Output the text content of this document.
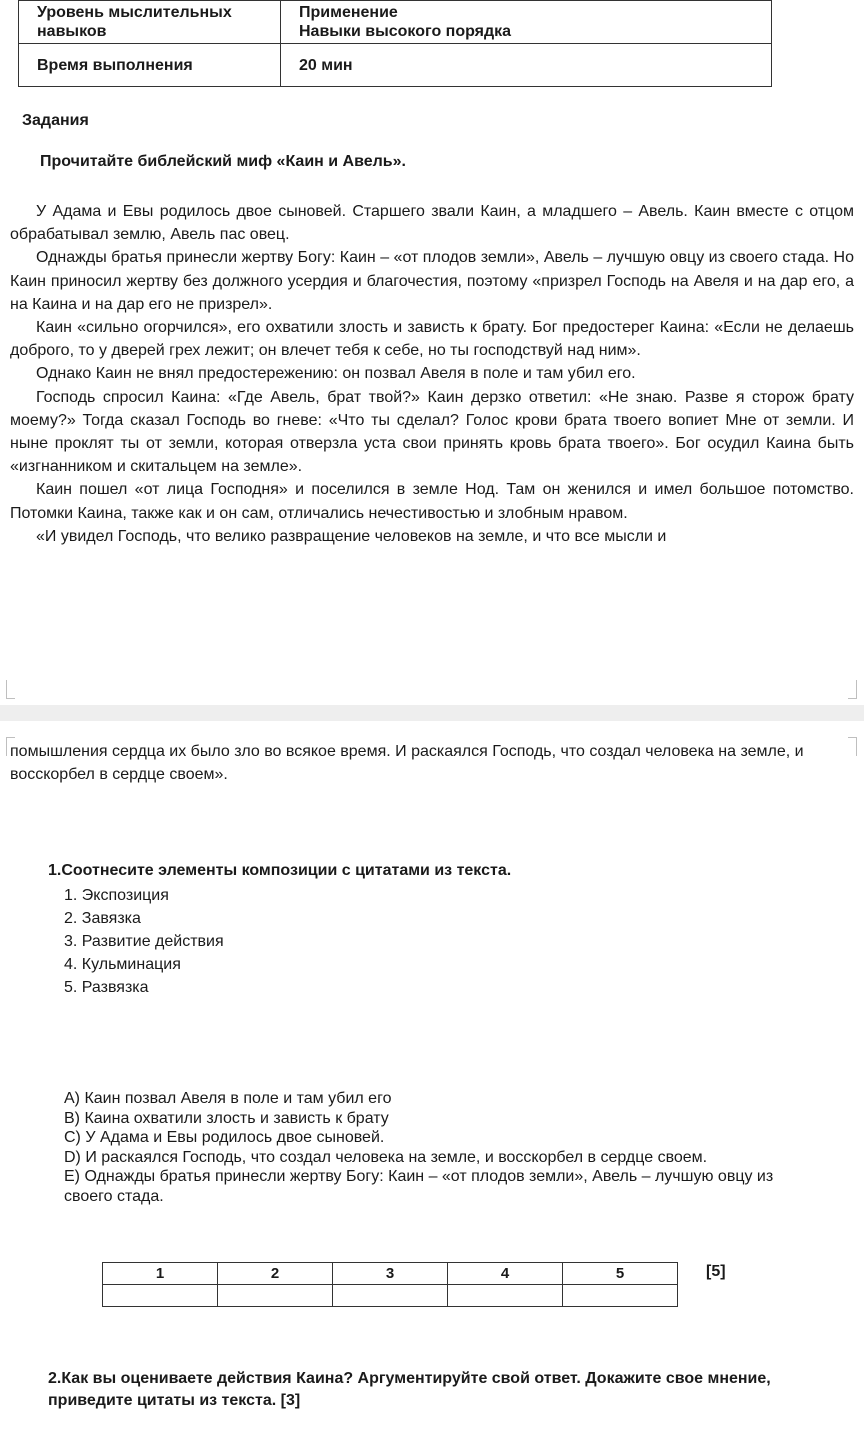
Уровень мыслительных навыков	Применение
Навыки высокого порядка

Время выполнения	20 мин
Задания
Прочитайте библейский миф «Каин и Авель».

У Адама и Евы родилось двое сыновей. Старшего звали Каин, а младшего – Авель. Каин вместе с отцом обрабатывал землю, Авель пас овец.

Однажды братья принесли жертву Богу: Каин – «от плодов земли», Авель – лучшую овцу из своего стада. Но Каин приносил жертву без должного усердия и благочестия, поэтому «призрел Господь на Авеля и на дар его, а на Каина и на дар его не призрел».

Каин «сильно огорчился», его охватили злость и зависть к брату. Бог предостерег Каина: «Если не делаешь доброго, то у дверей грех лежит; он влечет тебя к себе, но ты господствуй над ним».

Однако Каин не внял предостережению: он позвал Авеля в поле и там убил его.

Господь спросил Каина: «Где Авель, брат твой?» Каин дерзко ответил: «Не знаю. Разве я сторож брату моему?» Тогда сказал Господь во гневе: «Что ты сделал? Голос крови брата твоего вопиет Мне от земли. И ныне проклят ты от земли, которая отверзла уста свои принять кровь брата твоего». Бог осудил Каина быть «изгнанником и скитальцем на земле».

Каин пошел «от лица Господня» и поселился в земле Нод. Там он женился и имел большое потомство. Потомки Каина, также как и он сам, отличались нечестивостью и злобным нравом.

«И увидел Господь, что велико развращение человеков на земле, и что все мысли и

помышления сердца их было зло во всякое время. И раскаялся Господь, что создал человека на земле, и восскорбел в сердце своем».
1.Соотнесите элементы композиции с цитатами из текста.
1. Экспозиция
2. Завязка
3. Развитие действия
4. Кульминация
5. Развязка
A) Каин позвал Авеля в поле и там убил его
B) Каина охватили злость и зависть к брату
C) У Адама и Евы родилось двое сыновей.
D) И раскаялся Господь, что создал человека на земле, и восскорбел в сердце своем.
E) Однажды братья принесли жертву Богу: Каин – «от плодов земли», Авель – лучшую овцу из своего стада.
1	2	3	4	5
					[5]
2.Как вы оцениваете действия Каина? Аргументируйте свой ответ. Докажите свое мнение, приведите цитаты из текста. [3]
